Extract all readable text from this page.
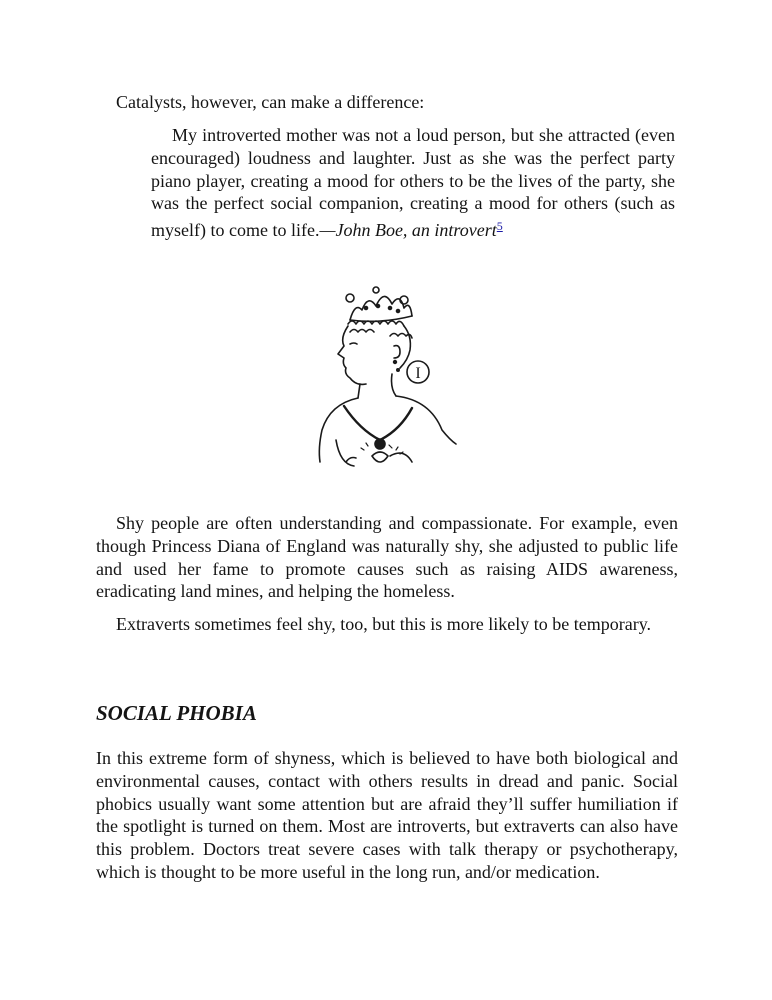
Catalysts, however, can make a difference:

My introverted mother was not a loud person, but she attracted (even encouraged) loudness and laughter. Just as she was the perfect party piano player, creating a mood for others to be the lives of the party, she was the perfect social companion, creating a mood for others (such as myself) to come to life.—John Boe, an introvert$^5$

I

Shy people are often understanding and compassionate. For example, even though Princess Diana of England was naturally shy, she adjusted to public life and used her fame to promote causes such as raising AIDS awareness, eradicating land mines, and helping the homeless.

Extraverts sometimes feel shy, too, but this is more likely to be temporary.

SOCIAL PHOBIA

In this extreme form of shyness, which is believed to have both biological and environmental causes, contact with others results in dread and panic. Social phobics usually want some attention but are afraid they’ll suffer humiliation if the spotlight is turned on them. Most are introverts, but extraverts can also have this problem. Doctors treat severe cases with talk therapy or psychotherapy, which is thought to be more useful in the long run, and/or medication.
